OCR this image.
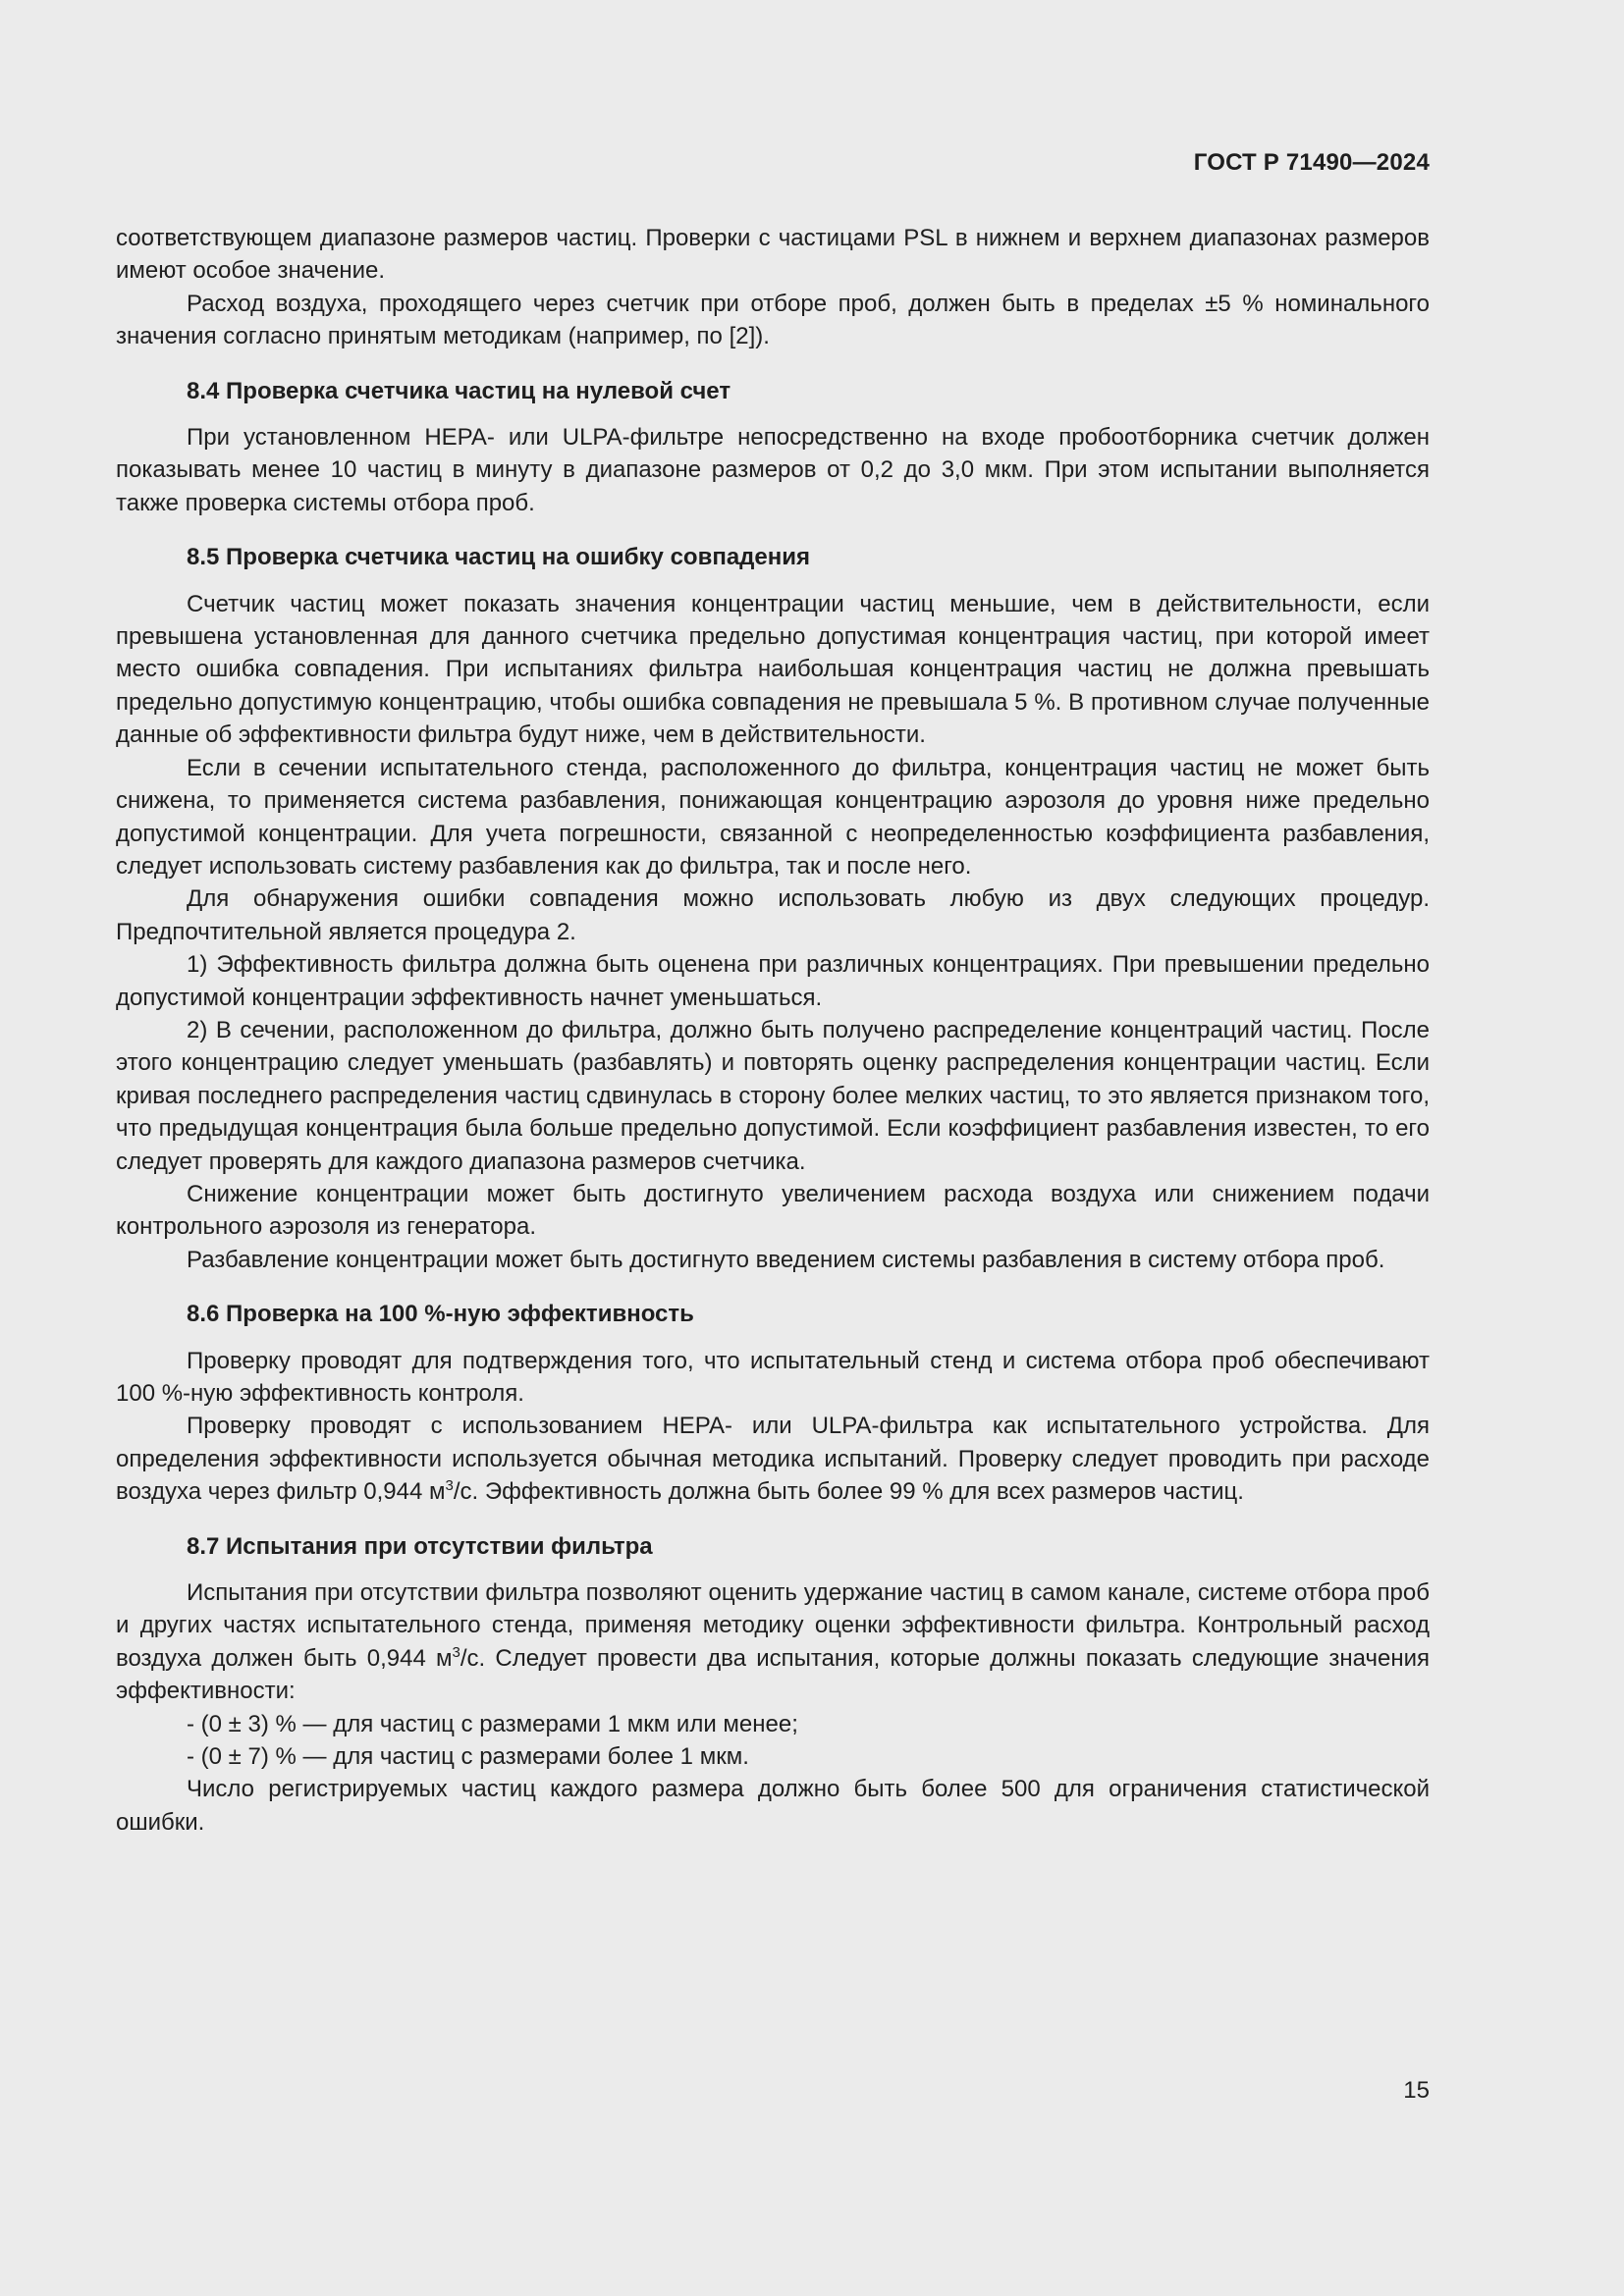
ГОСТ Р 71490—2024

соответствующем диапазоне размеров частиц. Проверки с частицами PSL в нижнем и верхнем диапазонах размеров имеют особое значение.

Расход воздуха, проходящего через счетчик при отборе проб, должен быть в пределах ±5 % номинального значения согласно принятым методикам (например, по [2]).

8.4 Проверка счетчика частиц на нулевой счет

При установленном HEPA- или ULPA-фильтре непосредственно на входе пробоотборника счетчик должен показывать менее 10 частиц в минуту в диапазоне размеров от 0,2 до 3,0 мкм. При этом испытании выполняется также проверка системы отбора проб.

8.5 Проверка счетчика частиц на ошибку совпадения

Счетчик частиц может показать значения концентрации частиц меньшие, чем в действительности, если превышена установленная для данного счетчика предельно допустимая концентрация частиц, при которой имеет место ошибка совпадения. При испытаниях фильтра наибольшая концентрация частиц не должна превышать предельно допустимую концентрацию, чтобы ошибка совпадения не превышала 5 %. В противном случае полученные данные об эффективности фильтра будут ниже, чем в действительности.

Если в сечении испытательного стенда, расположенного до фильтра, концентрация частиц не может быть снижена, то применяется система разбавления, понижающая концентрацию аэрозоля до уровня ниже предельно допустимой концентрации. Для учета погрешности, связанной с неопределенностью коэффициента разбавления, следует использовать систему разбавления как до фильтра, так и после него.

Для обнаружения ошибки совпадения можно использовать любую из двух следующих процедур. Предпочтительной является процедура 2.

1) Эффективность фильтра должна быть оценена при различных концентрациях. При превышении предельно допустимой концентрации эффективность начнет уменьшаться.

2) В сечении, расположенном до фильтра, должно быть получено распределение концентраций частиц. После этого концентрацию следует уменьшать (разбавлять) и повторять оценку распределения концентрации частиц. Если кривая последнего распределения частиц сдвинулась в сторону более мелких частиц, то это является признаком того, что предыдущая концентрация была больше предельно допустимой. Если коэффициент разбавления известен, то его следует проверять для каждого диапазона размеров счетчика.

Снижение концентрации может быть достигнуто увеличением расхода воздуха или снижением подачи контрольного аэрозоля из генератора.

Разбавление концентрации может быть достигнуто введением системы разбавления в систему отбора проб.

8.6 Проверка на 100 %-ную эффективность

Проверку проводят для подтверждения того, что испытательный стенд и система отбора проб обеспечивают 100 %-ную эффективность контроля.

Проверку проводят с использованием HEPA- или ULPA-фильтра как испытательного устройства. Для определения эффективности используется обычная методика испытаний. Проверку следует проводить при расходе воздуха через фильтр 0,944 $м^3/с$. Эффективность должна быть более 99 % для всех размеров частиц.

8.7 Испытания при отсутствии фильтра

Испытания при отсутствии фильтра позволяют оценить удержание частиц в самом канале, системе отбора проб и других частях испытательного стенда, применяя методику оценки эффективности фильтра. Контрольный расход воздуха должен быть 0,944 $м^3/с$. Следует провести два испытания, которые должны показать следующие значения эффективности:

- (0 ± 3) % — для частиц с размерами 1 мкм или менее;

- (0 ± 7) % — для частиц с размерами более 1 мкм.

Число регистрируемых частиц каждого размера должно быть более 500 для ограничения статистической ошибки.

15
